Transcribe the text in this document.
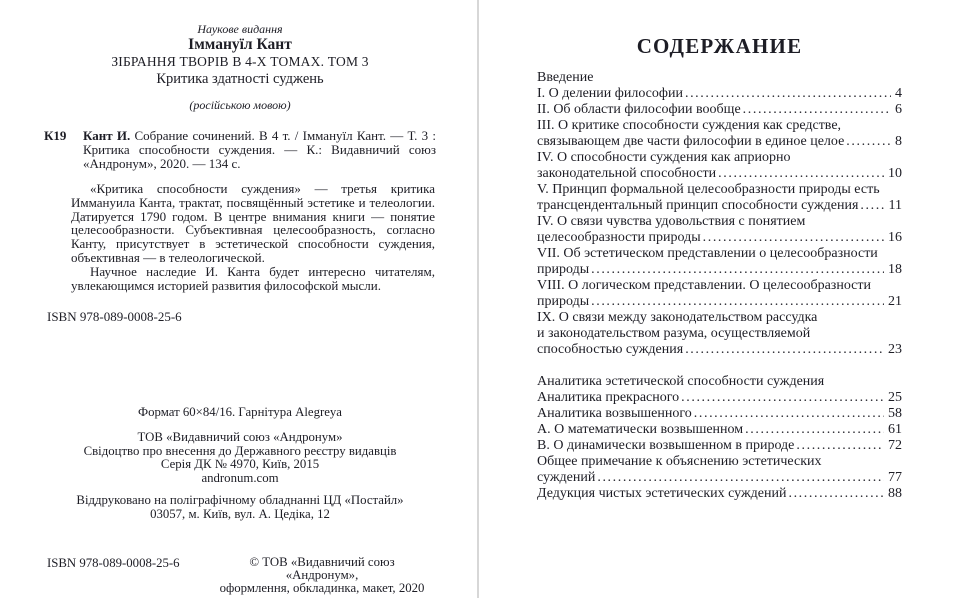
Наукове видання
Іммануїл Кант
ЗІБРАННЯ ТВОРІВ В 4-Х ТОМАХ. ТОМ 3
Критика здатності суджень
(російською мовою)
К19	Кант И. Собрание сочинений. В 4 т. / Іммануїл Кант. — Т. 3 : Критика способности суждения. — К.: Видавничий союз «Андронум», 2020. — 134 с.

«Критика способности суждения» — третья критика Иммануила Канта, трактат, посвящённый эстетике и телеологии. Датируется 1790 годом. В центре внимания книги — понятие целесообразности. Субъективная целесообразность, согласно Канту, присутствует в эстетической способности суждения, объективная — в телеологической.

Научное наследие И. Канта будет интересно читателям, увлекающимся историей развития философской мысли.

ISBN 978-089-0008-25-6
Формат 60×84/16. Гарнітура Alegreya
ТОВ «Видавничий союз «Андронум»
Свідоцтво про внесення до Державного реєстру видавців
Серія ДК № 4970, Київ, 2015
andronum.com
Віддруковано на поліграфічному обладнанні ЦД «Постайл»
03057, м. Київ, вул. А. Цедіка, 12
ISBN 978-089-0008-25-6	© ТОВ «Видавничий союз «Андронум»,
оформлення, обкладинка, макет, 2020
СОДЕРЖАНИЕ
Введение
I. О делении философии .....	4
II. Об области философии вообще .....	6
III. О критике способности суждения как средстве,
связывающем две части философии в единое целое .....	8
IV. О способности суждения как априорно
законодательной способности .....	10
V. Принцип формальной целесообразности природы есть
трансцендентальный принцип способности суждения ..... 11
IV. О связи чувства удовольствия с понятием
целесообразности природы .....	16
VII. Об эстетическом представлении о целесообразности
природы .....	18
VIII. О логическом представлении. О целесообразности
природы .....	21
IX. О связи между законодательством рассудка
и законодательством разума, осуществляемой
способностью суждения .....	23
Аналитика эстетической способности суждения
Аналитика прекрасного .....	25
Аналитика возвышенного .....	58
А. О математически возвышенном .....	61
В. О динамически возвышенном в природе .....	72
Общее примечание к объяснению эстетических
суждений .....	77
Дедукция чистых эстетических суждений .....	88
